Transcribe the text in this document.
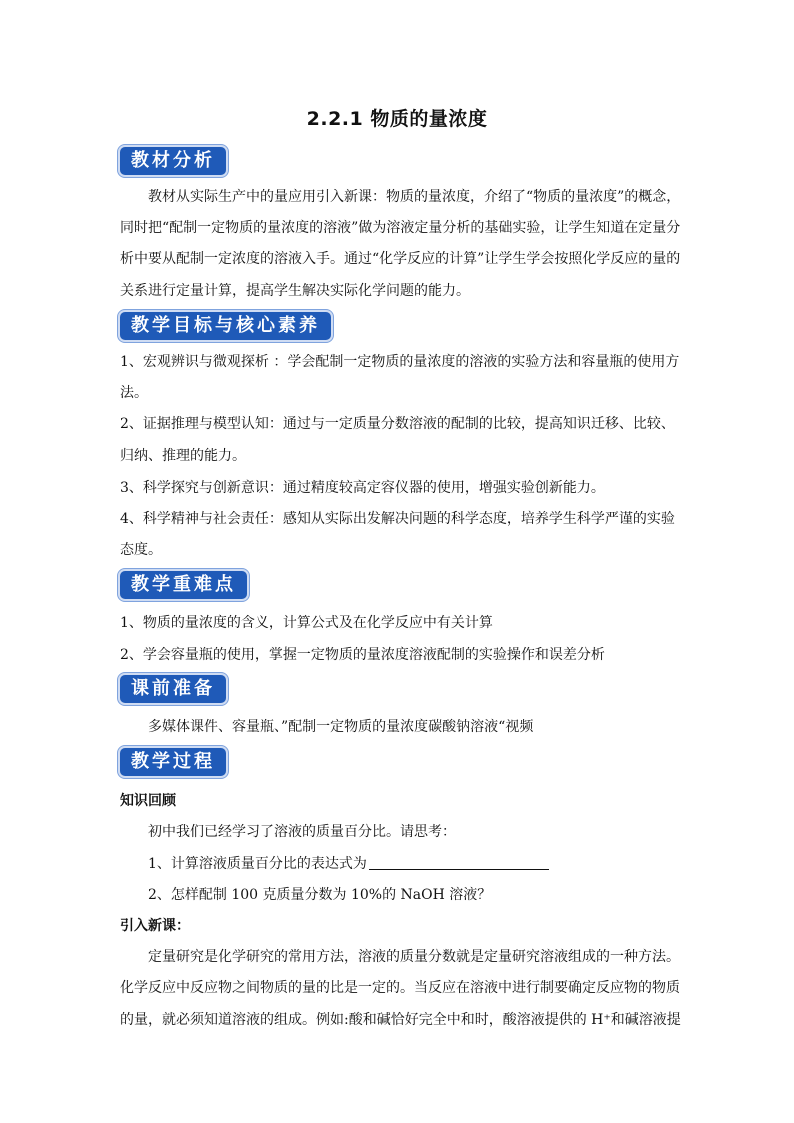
2.2.1 物质的量浓度
教材分析
教材从实际生产中的量应用引入新课：物质的量浓度，介绍了“物质的量浓度”的概念，
同时把“配制一定物质的量浓度的溶液”做为溶液定量分析的基础实验，让学生知道在定量分
析中要从配制一定浓度的溶液入手。通过“化学反应的计算”让学生学会按照化学反应的量的
关系进行定量计算，提高学生解决实际化学问题的能力。
教学目标与核心素养
1、宏观辨识与微观探析 ：学会配制一定物质的量浓度的溶液的实验方法和容量瓶的使用方
法。
2、证据推理与模型认知：通过与一定质量分数溶液的配制的比较，提高知识迁移、比较、
归纳、推理的能力。
3、科学探究与创新意识：通过精度较高定容仪器的使用，增强实验创新能力。
4、科学精神与社会责任：感知从实际出发解决问题的科学态度，培养学生科学严谨的实验
态度。
教学重难点
1、物质的量浓度的含义，计算公式及在化学反应中有关计算
2、学会容量瓶的使用，掌握一定物质的量浓度溶液配制的实验操作和误差分析
课前准备
多媒体课件、容量瓶、”配制一定物质的量浓度碳酸钠溶液“视频
教学过程
知识回顾
初中我们已经学习了溶液的质量百分比。请思考：
1、计算溶液质量百分比的表达式为
2、怎样配制 100 克质量分数为 10%的 NaOH 溶液？
引入新课：
定量研究是化学研究的常用方法，溶液的质量分数就是定量研究溶液组成的一种方法。
化学反应中反应物之间物质的量的比是一定的。当反应在溶液中进行制要确定反应物的物质
的量，就必须知道溶液的组成。例如:酸和碱恰好完全中和时，酸溶液提供的 H⁺和碱溶液提
